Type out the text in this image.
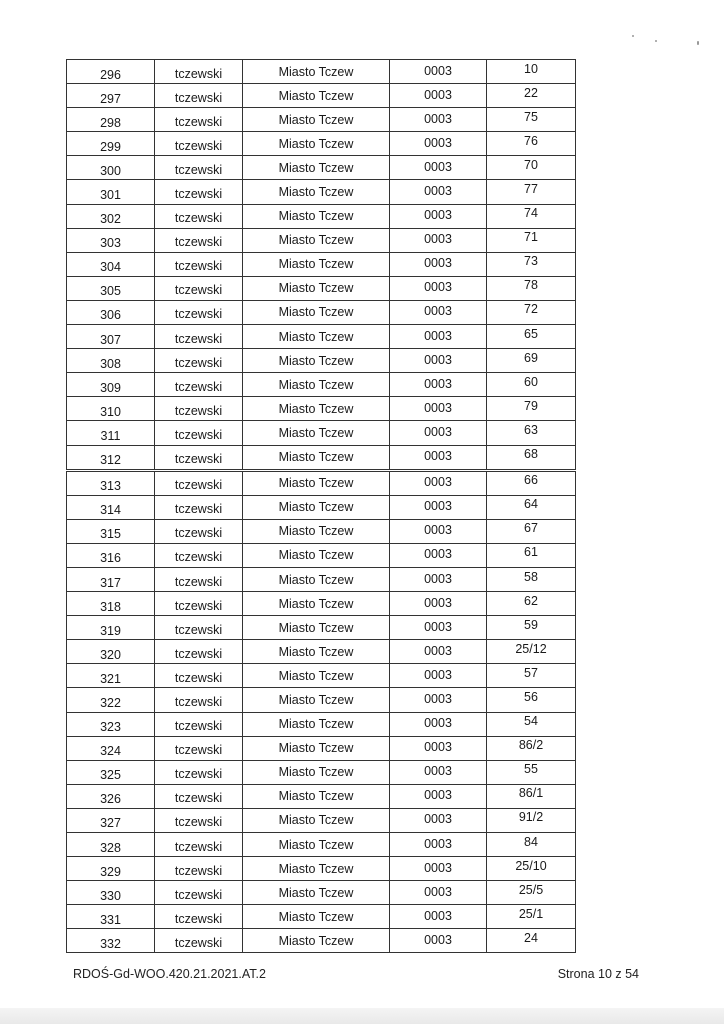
296	tczewski	Miasto Tczew	0003	10
297	tczewski	Miasto Tczew	0003	22
298	tczewski	Miasto Tczew	0003	75
299	tczewski	Miasto Tczew	0003	76
300	tczewski	Miasto Tczew	0003	70
301	tczewski	Miasto Tczew	0003	77
302	tczewski	Miasto Tczew	0003	74
303	tczewski	Miasto Tczew	0003	71
304	tczewski	Miasto Tczew	0003	73
305	tczewski	Miasto Tczew	0003	78
306	tczewski	Miasto Tczew	0003	72
307	tczewski	Miasto Tczew	0003	65
308	tczewski	Miasto Tczew	0003	69
309	tczewski	Miasto Tczew	0003	60
310	tczewski	Miasto Tczew	0003	79
311	tczewski	Miasto Tczew	0003	63
312	tczewski	Miasto Tczew	0003	68
313	tczewski	Miasto Tczew	0003	66
314	tczewski	Miasto Tczew	0003	64
315	tczewski	Miasto Tczew	0003	67
316	tczewski	Miasto Tczew	0003	61
317	tczewski	Miasto Tczew	0003	58
318	tczewski	Miasto Tczew	0003	62
319	tczewski	Miasto Tczew	0003	59
320	tczewski	Miasto Tczew	0003	25/12
321	tczewski	Miasto Tczew	0003	57
322	tczewski	Miasto Tczew	0003	56
323	tczewski	Miasto Tczew	0003	54
324	tczewski	Miasto Tczew	0003	86/2
325	tczewski	Miasto Tczew	0003	55
326	tczewski	Miasto Tczew	0003	86/1
327	tczewski	Miasto Tczew	0003	91/2
328	tczewski	Miasto Tczew	0003	84
329	tczewski	Miasto Tczew	0003	25/10
330	tczewski	Miasto Tczew	0003	25/5
331	tczewski	Miasto Tczew	0003	25/1
332	tczewski	Miasto Tczew	0003	24
RDOŚ-Gd-WOO.420.21.2021.AT.2	Strona 10 z 54
